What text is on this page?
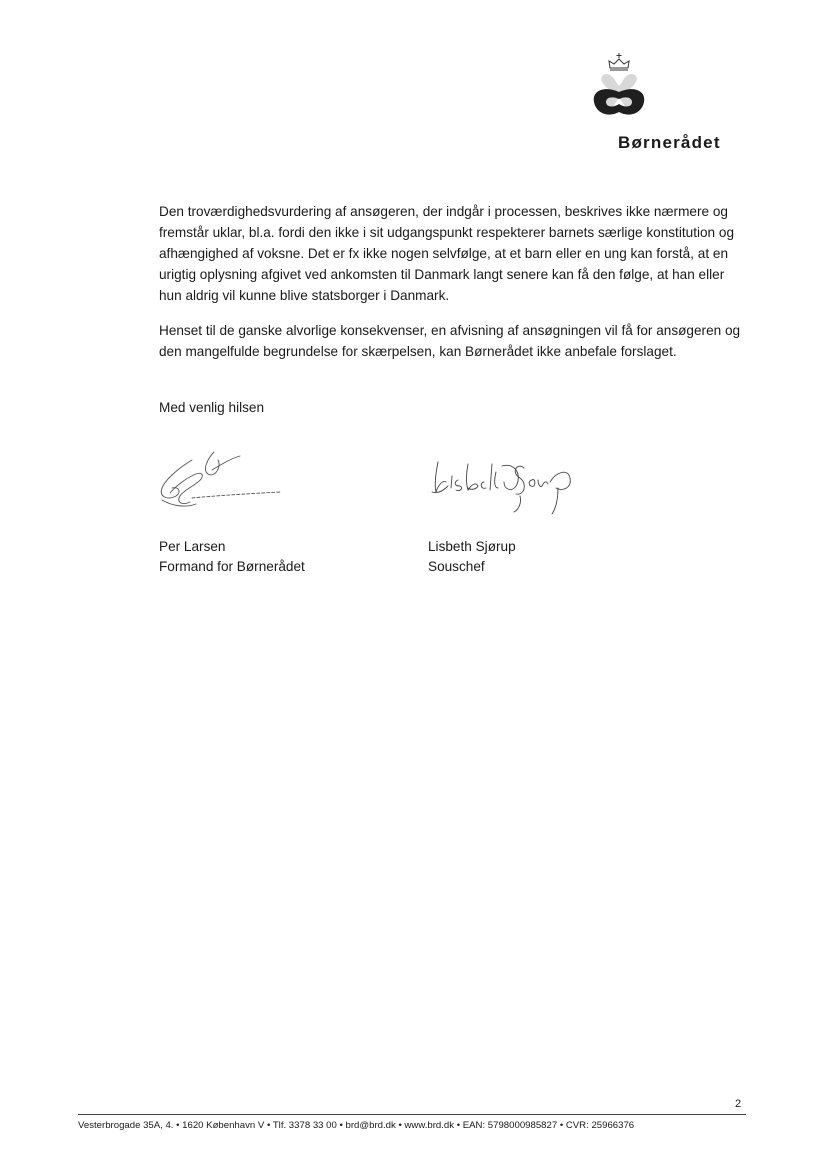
Børnerådet
Den troværdighedsvurdering af ansøgeren, der indgår i processen, beskrives ikke nærmere og fremstår uklar, bl.a. fordi den ikke i sit udgangspunkt respekterer barnets særlige konstitution og afhængighed af voksne. Det er fx ikke nogen selvfølge, at et barn eller en ung kan forstå, at en urigtig oplysning afgivet ved ankomsten til Danmark langt senere kan få den følge, at han eller hun aldrig vil kunne blive statsborger i Danmark.
Henset til de ganske alvorlige konsekvenser, en afvisning af ansøgningen vil få for ansøgeren og den mangelfulde begrundelse for skærpelsen, kan Børnerådet ikke anbefale forslaget.
Med venlig hilsen
Per Larsen
Formand for Børnerådet
Lisbeth Sjørup
Souschef
2
Vesterbrogade 35A, 4. • 1620 København V • Tlf. 3378 33 00 • brd@brd.dk • www.brd.dk • EAN: 5798000985827 • CVR: 25966376
